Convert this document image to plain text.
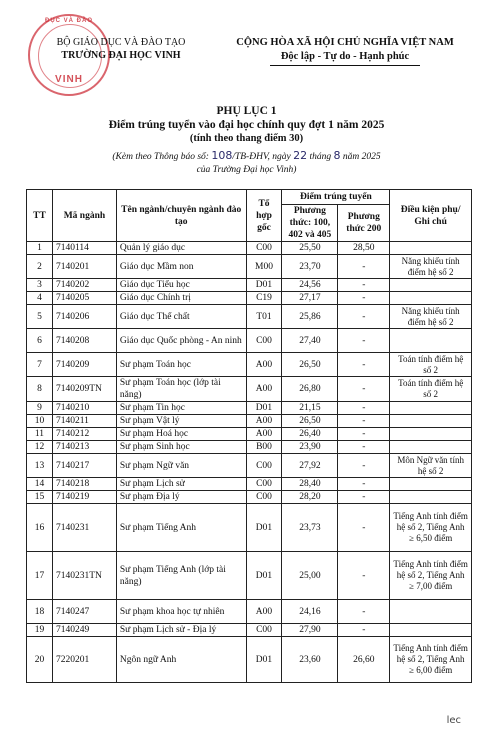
ĐỤC VÀ ĐÀO
VINH
BỘ GIÁO DỤC VÀ ĐÀO TẠO
TRƯỜNG ĐẠI HỌC VINH
CỘNG HÒA XÃ HỘI CHỦ NGHĨA VIỆT NAM
Độc lập - Tự do - Hạnh phúc
PHỤ LỤC 1
Điểm trúng tuyển vào đại học chính quy đợt 1 năm 2025
(tính theo thang điểm 30)
(Kèm theo Thông báo số: 108/TB-ĐHV, ngày 22 tháng 8 năm 2025
của Trường Đại học Vinh)
TT	Mã ngành	Tên ngành/chuyên ngành đào tạo	Tổ hợp gốc	Điểm trúng tuyển		Điều kiện phụ/ Ghi chú
				Phương thức: 100, 402 và 405	Phương thức 200	
1	7140114	Quản lý giáo dục	C00	25,50	28,50	
2	7140201	Giáo dục Mầm non	M00	23,70	-	Năng khiếu tính điểm hệ số 2
3	7140202	Giáo dục Tiểu học	D01	24,56	-	
4	7140205	Giáo dục Chính trị	C19	27,17	-	
5	7140206	Giáo dục Thể chất	T01	25,86	-	Năng khiếu tính điểm hệ số 2
6	7140208	Giáo dục Quốc phòng - An ninh	C00	27,40	-	
7	7140209	Sư phạm Toán học	A00	26,50	-	Toán tính điểm hệ số 2
8	7140209TN	Sư phạm Toán học (lớp tài năng)	A00	26,80	-	Toán tính điểm hệ số 2
9	7140210	Sư phạm Tin học	D01	21,15	-	
10	7140211	Sư phạm Vật lý	A00	26,50	-	
11	7140212	Sư phạm Hoá học	A00	26,40	-	
12	7140213	Sư phạm Sinh học	B00	23,90	-	
13	7140217	Sư phạm Ngữ văn	C00	27,92	-	Môn Ngữ văn tính hệ số 2
14	7140218	Sư phạm Lịch sử	C00	28,40	-	
15	7140219	Sư phạm Địa lý	C00	28,20	-	
16	7140231	Sư phạm Tiếng Anh	D01	23,73	-	Tiếng Anh tính điểm hệ số 2, Tiếng Anh ≥ 6,50 điểm
17	7140231TN	Sư phạm Tiếng Anh (lớp tài năng)	D01	25,00	-	Tiếng Anh tính điểm hệ số 2, Tiếng Anh ≥ 7,00 điểm
18	7140247	Sư phạm khoa học tự nhiên	A00	24,16	-	
19	7140249	Sư phạm Lịch sử - Địa lý	C00	27,90	-	
20	7220201	Ngôn ngữ Anh	D01	23,60	26,60	Tiếng Anh tính điểm hệ số 2, Tiếng Anh ≥ 6,00 điểm
lec
